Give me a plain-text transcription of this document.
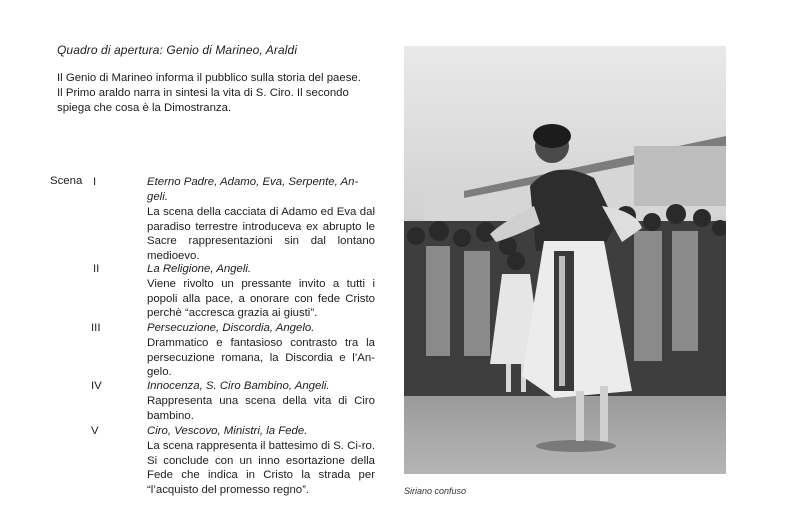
Quadro di apertura: Genio di Marineo, Araldi

Il Genio di Marineo informa il pubblico sulla storia del paese.

Il Primo araldo narra in sintesi la vita di S. Ciro. Il secondo

spiega che cosa è la Dimostranza.

Scena I	Eterno Padre, Adamo, Eva, Serpente, An-geli.
La scena della cacciata di Adamo ed Eva dal paradiso terrestre introduceva ex abrupto le Sacre rappresentazioni sin dal lontano medioevo.
II	La Religione, Angeli.
Viene rivolto un pressante invito a tutti i popoli alla pace, a onorare con fede Cristo perchè “accresca grazia ai giusti”.
III	Persecuzione, Discordia, Angelo.
Drammatico e fantasioso contrasto tra la persecuzione romana, la Discordia e l’An-gelo.
IV	Innocenza, S. Ciro Bambino, Angeli.
Rappresenta una scena della vita di Ciro bambino.
V	Ciro, Vescovo, Ministri, la Fede.
La scena rappresenta il battesimo di S. Ci-ro. Si conclude con un inno esortazione della Fede che indica in Cristo la strada per “l’acquisto del promesso regno”.	Siriano confuso
